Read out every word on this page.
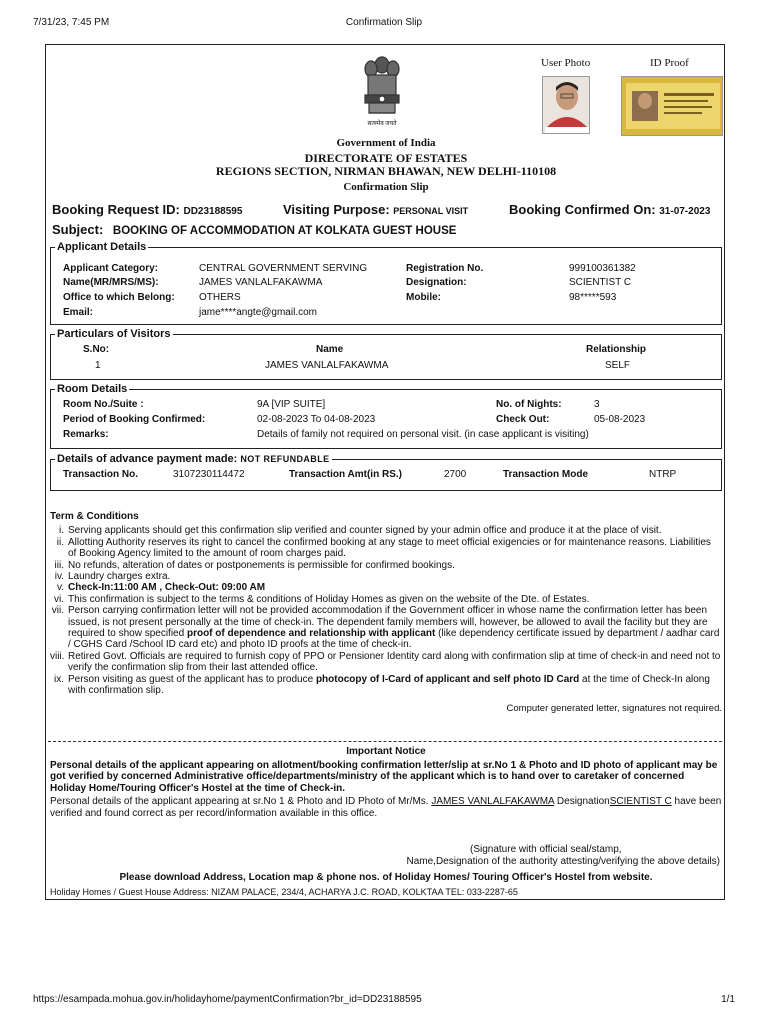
7/31/23, 7:45 PM	Confirmation Slip
https://esampada.mohua.gov.in/holidayhome/paymentConfirmation?br_id=DD23188595	1/1
सत्यमेव जयते
User Photo	ID Proof
Government of India
DIRECTORATE OF ESTATES
REGIONS SECTION, NIRMAN BHAWAN, NEW DELHI-110108
Confirmation Slip
Booking Request ID: DD23188595	Visiting Purpose: PERSONAL VISIT	Booking Confirmed On: 31-07-2023
Subject: BOOKING OF ACCOMMODATION AT KOLKATA GUEST HOUSE
Applicant Details
Applicant Category:	CENTRAL GOVERNMENT SERVING	Registration No.	999100361382
Name(MR/MRS/MS):	JAMES VANLALFAKAWMA	Designation:	SCIENTIST C
Office to which Belong: OTHERS	Mobile:	98*****593
Email:	jame****angte@gmail.com
Particulars of Visitors
S.No:	Name	Relationship
1	JAMES VANLALFAKAWMA	SELF
Room Details
Room No./Suite :	9A [VIP SUITE]	No. of Nights:	3
Period of Booking Confirmed:	02-08-2023 To 04-08-2023	Check Out:	05-08-2023
Remarks:	Details of family not required on personal visit. (in case applicant is visiting)
Details of advance payment made: NOT REFUNDABLE
Transaction No.	3107230114472	Transaction Amt(in RS.)	2700	Transaction Mode	NTRP
Term & Conditions
i. Serving applicants should get this confirmation slip verified and counter signed by your admin office and produce it at the place of visit.
ii. Allotting Authority reserves its right to cancel the confirmed booking at any stage to meet official exigencies or for maintenance reasons. Liabilities of Booking Agency limited to the amount of room charges paid.
iii. No refunds, alteration of dates or postponements is permissible for confirmed bookings.
iv. Laundry charges extra.
v. Check-In:11:00 AM , Check-Out: 09:00 AM
vi. This confirmation is subject to the terms & conditions of Holiday Homes as given on the website of the Dte. of Estates.
vii. Person carrying confirmation letter will not be provided accommodation if the Government officer in whose name the confirmation letter has been issued, is not present personally at the time of check-in. The dependent family members will, however, be allowed to avail the facility but they are required to show specified proof of dependence and relationship with applicant (like dependency certificate issued by department / aadhar card / CGHS Card /School ID card etc) and photo ID proofs at the time of check-in.
viii. Retired Govt. Officials are required to furnish copy of PPO or Pensioner Identity card along with confirmation slip at time of check-in and need not to verify the confirmation slip from their last attended office.
ix. Person visiting as guest of the applicant has to produce photocopy of I-Card of applicant and self photo ID Card at the time of Check-In along with confirmation slip.
Computer generated letter, signatures not required.
Important Notice
Personal details of the applicant appearing on allotment/booking confirmation letter/slip at sr.No 1 & Photo and ID photo of applicant may be got verified by concerned Administrative office/departments/ministry of the applicant which is to hand over to caretaker of concerned Holiday Home/Touring Officer's Hostel at the time of Check-in.
Personal details of the applicant appearing at sr.No 1 & Photo and ID Photo of Mr/Ms. JAMES VANLALFAKAWMA DesignationSCIENTIST C have been verified and found correct as per record/information available in this office.
(Signature with official seal/stamp,
Name,Designation of the authority attesting/verifying the above details)
Please download Address, Location map & phone nos. of Holiday Homes/ Touring Officer's Hostel from website.
Holiday Homes / Guest House Address: NIZAM PALACE, 234/4, ACHARYA J.C. ROAD, KOLKTAA TEL: 033-2287-65
